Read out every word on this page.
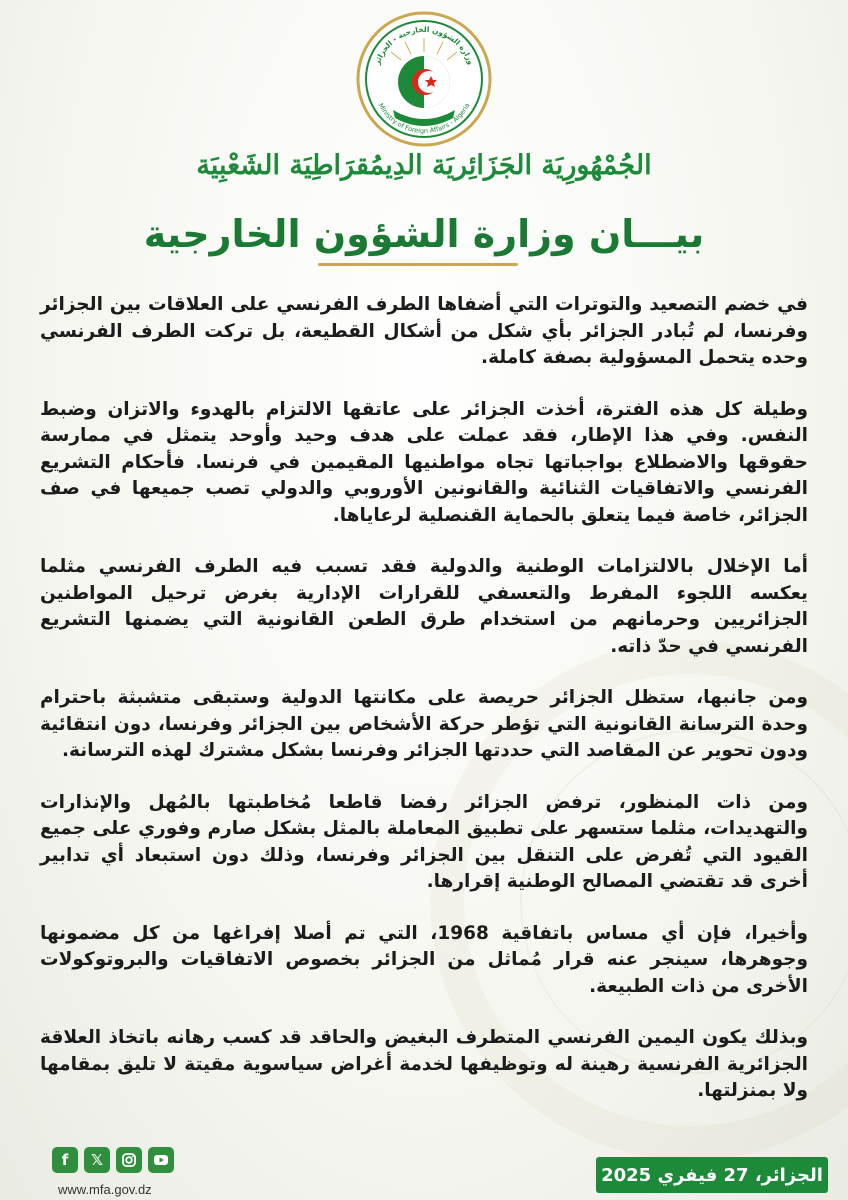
وزارة الشؤون الخارجية - الجزائر
Ministry of Foreign Affairs - Algeria
الجُمْهُورِيَة الجَزَائِريَة الدِيمُقرَاطِيَة الشَعْبِيَة
بيـــان وزارة الشؤون الخارجية

في خضم التصعيد والتوترات التي أضفاها الطرف الفرنسي على العلاقات بين الجزائر وفرنسا، لم تُبادر الجزائر بأي شكل من أشكال القطيعة، بل تركت الطرف الفرنسي وحده يتحمل المسؤولية بصفة كاملة.

وطيلة كل هذه الفترة، أخذت الجزائر على عاتقها الالتزام بالهدوء والاتزان وضبط النفس. وفي هذا الإطار، فقد عملت على هدف وحيد وأوحد يتمثل في ممارسة حقوقها والاضطلاع بواجباتها تجاه مواطنيها المقيمين في فرنسا. فأحكام التشريع الفرنسي والاتفاقيات الثنائية والقانونين الأوروبي والدولي تصب جميعها في صف الجزائر، خاصة فيما يتعلق بالحماية القنصلية لرعاياها.

أما الإخلال بالالتزامات الوطنية والدولية فقد تسبب فيه الطرف الفرنسي مثلما يعكسه اللجوء المفرط والتعسفي للقرارات الإدارية بغرض ترحيل المواطنين الجزائريين وحرمانهم من استخدام طرق الطعن القانونية التي يضمنها التشريع الفرنسي في حدّ ذاته.

ومن جانبها، ستظل الجزائر حريصة على مكانتها الدولية وستبقى متشبثة باحترام وحدة الترسانة القانونية التي تؤطر حركة الأشخاص بين الجزائر وفرنسا، دون انتقائية ودون تحوير عن المقاصد التي حددتها الجزائر وفرنسا بشكل مشترك لهذه الترسانة.

ومن ذات المنظور، ترفض الجزائر رفضا قاطعا مُخاطبتها بالمُهل والإنذارات والتهديدات، مثلما ستسهر على تطبيق المعاملة بالمثل بشكل صارم وفوري على جميع القيود التي تُفرض على التنقل بين الجزائر وفرنسا، وذلك دون استبعاد أي تدابير أخرى قد تقتضي المصالح الوطنية إقرارها.

وأخيرا، فإن أي مساس باتفاقية 1968، التي تم أصلا إفراغها من كل مضمونها وجوهرها، سينجر عنه قرار مُماثل من الجزائر بخصوص الاتفاقيات والبروتوكولات الأخرى من ذات الطبيعة.

وبذلك يكون اليمين الفرنسي المتطرف البغيض والحاقد قد كسب رهانه باتخاذ العلاقة الجزائرية الفرنسية رهينة له وتوظيفها لخدمة أغراض سياسوية مقيتة لا تليق بمقامها ولا بمنزلتها.

f	𝕏
www.mfa.gov.dz
الجزائر، 27 فيفري 2025
